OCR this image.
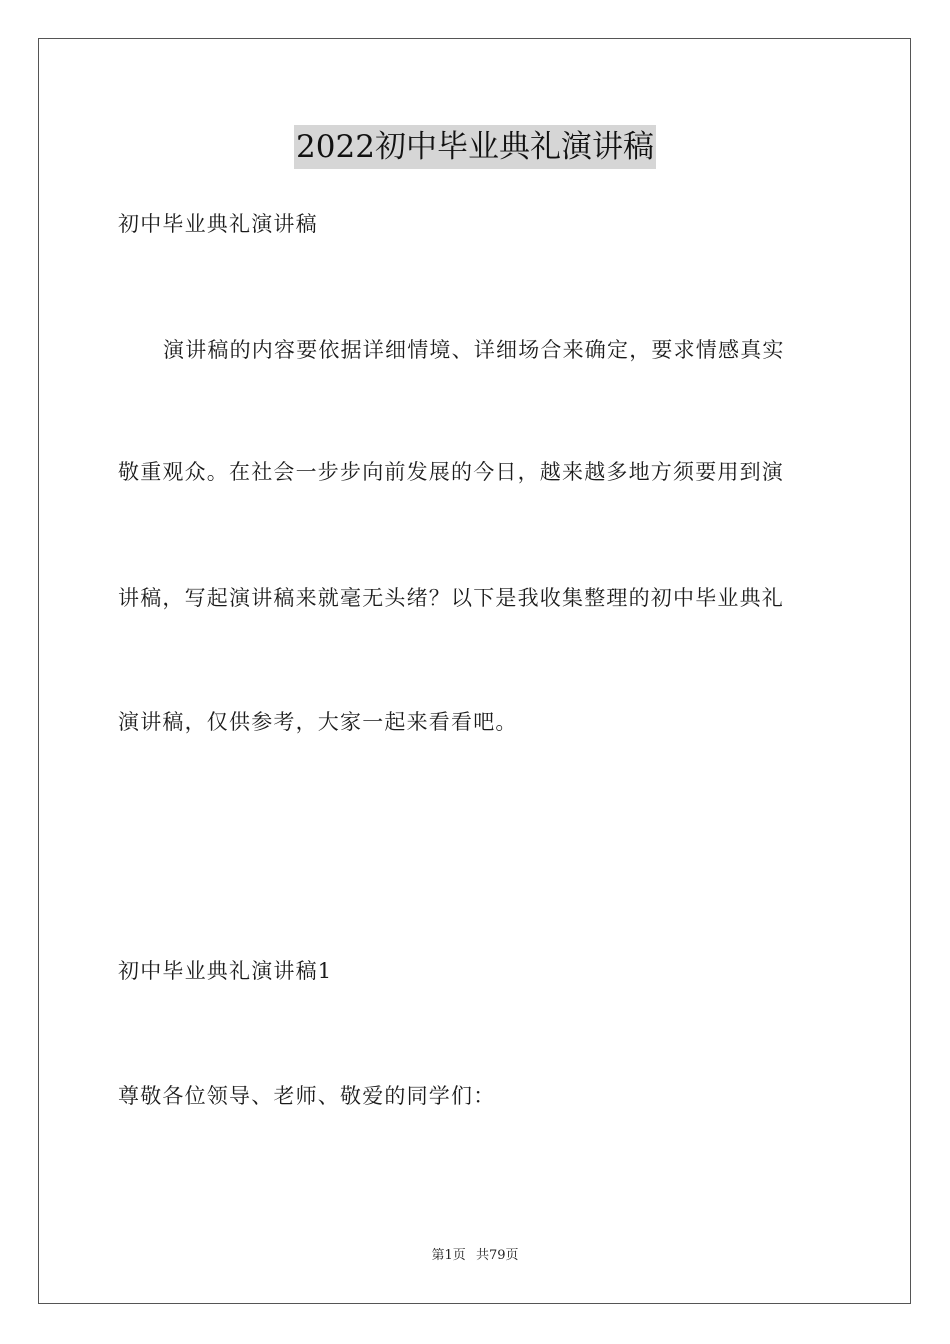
2022初中毕业典礼演讲稿
初中毕业典礼演讲稿
演讲稿的内容要依据详细情境、详细场合来确定，要求情感真实
敬重观众。在社会一步步向前发展的今日，越来越多地方须要用到演
讲稿，写起演讲稿来就毫无头绪？以下是我收集整理的初中毕业典礼
演讲稿，仅供参考，大家一起来看看吧。
初中毕业典礼演讲稿1
尊敬各位领导、老师、敬爱的同学们：
第1页 共79页
